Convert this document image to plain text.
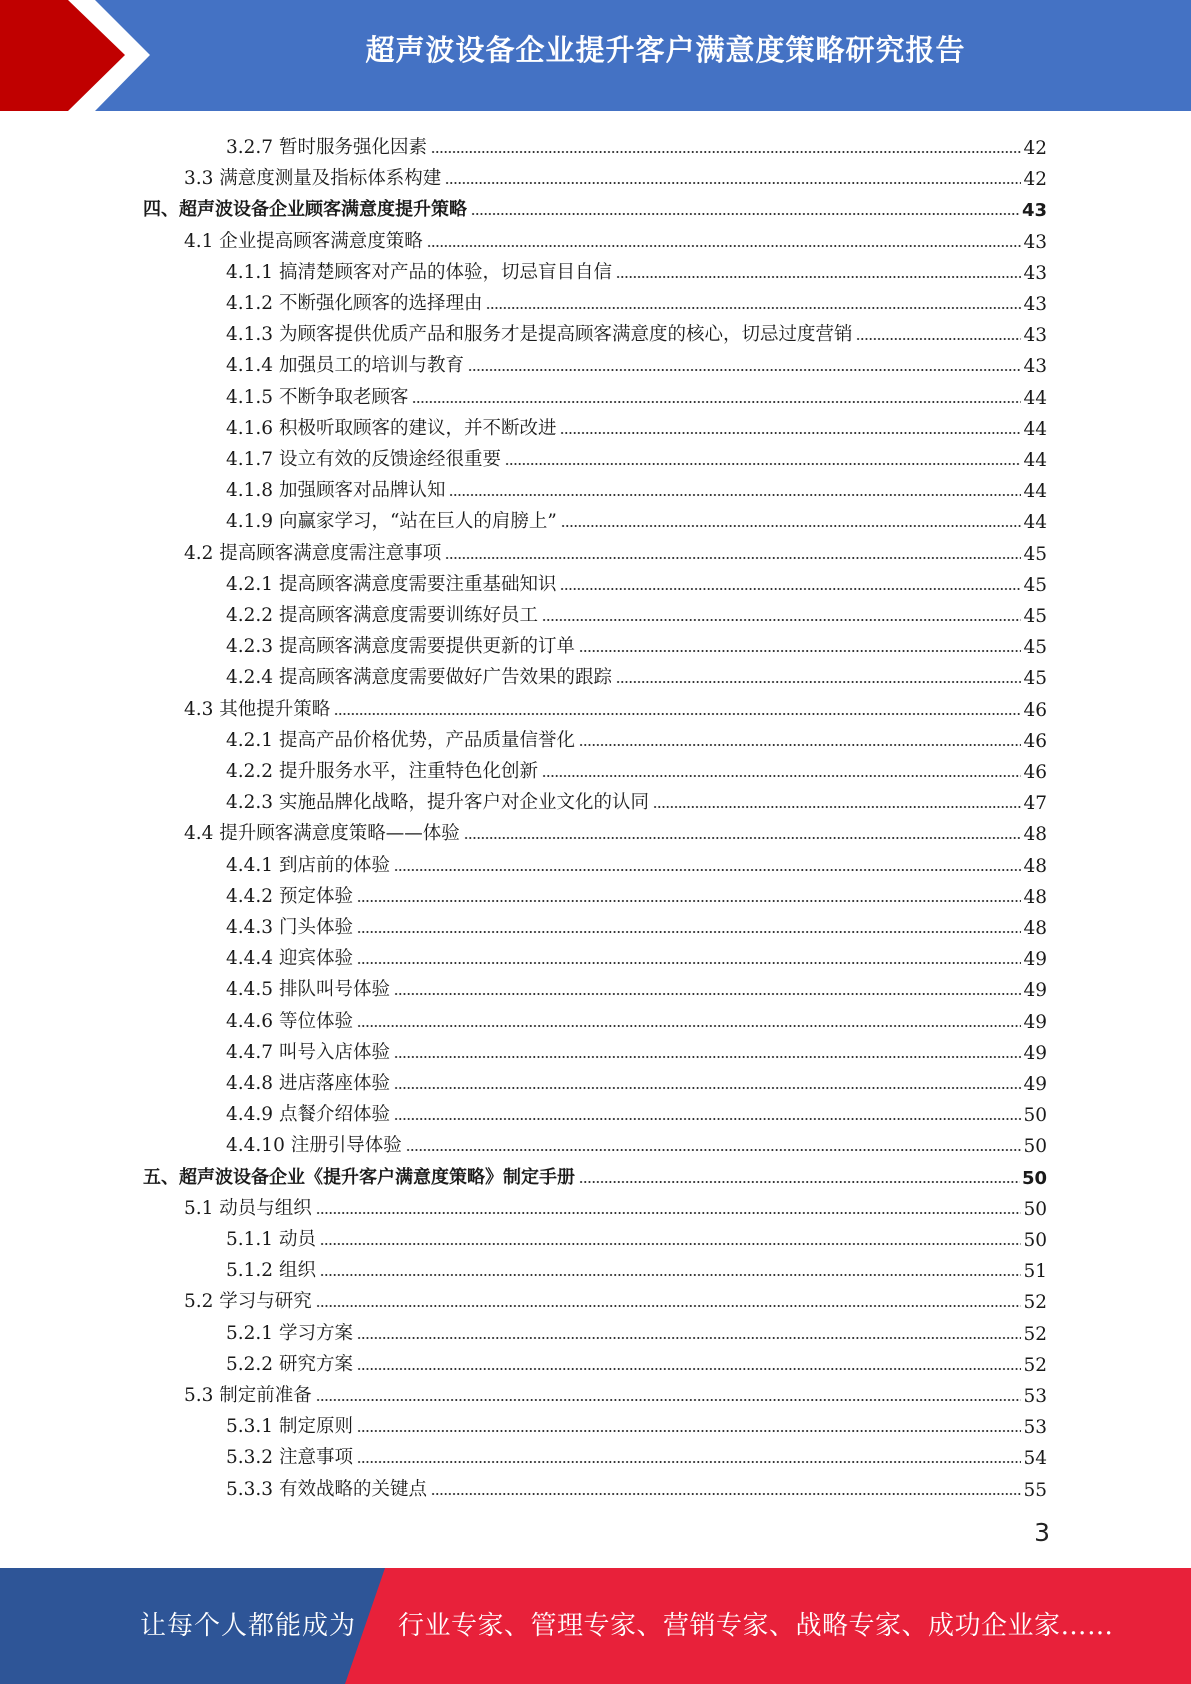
超声波设备企业提升客户满意度策略研究报告
3.2.7 暂时服务强化因素	42
3.3 满意度测量及指标体系构建	42
四、超声波设备企业顾客满意度提升策略	43
4.1 企业提高顾客满意度策略	43
4.1.1 搞清楚顾客对产品的体验，切忌盲目自信	43
4.1.2 不断强化顾客的选择理由	43
4.1.3 为顾客提供优质产品和服务才是提高顾客满意度的核心，切忌过度营销	43
4.1.4 加强员工的培训与教育	43
4.1.5 不断争取老顾客	44
4.1.6 积极听取顾客的建议，并不断改进	44
4.1.7 设立有效的反馈途经很重要	44
4.1.8 加强顾客对品牌认知	44
4.1.9 向赢家学习，“站在巨人的肩膀上”	44
4.2 提高顾客满意度需注意事项	45
4.2.1 提高顾客满意度需要注重基础知识	45
4.2.2 提高顾客满意度需要训练好员工	45
4.2.3 提高顾客满意度需要提供更新的订单	45
4.2.4 提高顾客满意度需要做好广告效果的跟踪	45
4.3 其他提升策略	46
4.2.1 提高产品价格优势，产品质量信誉化	46
4.2.2 提升服务水平，注重特色化创新	46
4.2.3 实施品牌化战略，提升客户对企业文化的认同	47
4.4 提升顾客满意度策略——体验	48
4.4.1 到店前的体验	48
4.4.2 预定体验	48
4.4.3 门头体验	48
4.4.4 迎宾体验	49
4.4.5 排队叫号体验	49
4.4.6 等位体验	49
4.4.7 叫号入店体验	49
4.4.8 进店落座体验	49
4.4.9 点餐介绍体验	50
4.4.10 注册引导体验	50
五、超声波设备企业《提升客户满意度策略》制定手册	50
5.1 动员与组织	50
5.1.1 动员	50
5.1.2 组织	51
5.2 学习与研究	52
5.2.1 学习方案	52
5.2.2 研究方案	52
5.3 制定前准备	53
5.3.1 制定原则	53
5.3.2 注意事项	54
5.3.3 有效战略的关键点	55
3
让每个人都能成为 行业专家、管理专家、营销专家、战略专家、成功企业家……
